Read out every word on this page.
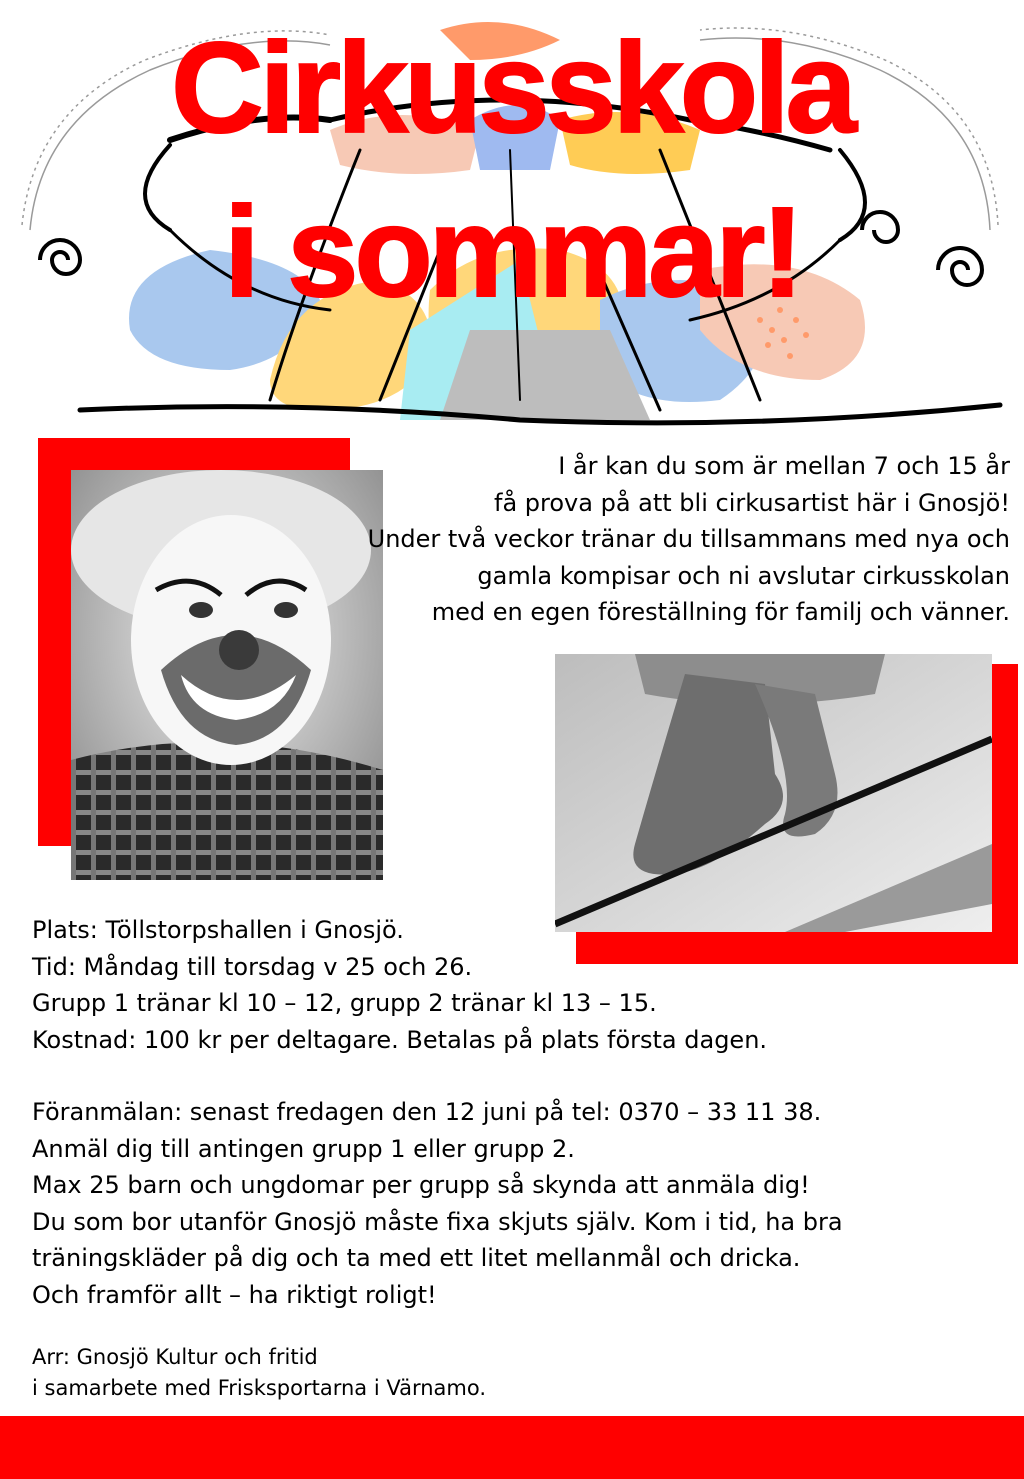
Cirkusskola
i sommar!
I år kan du som är mellan 7 och 15 år
få prova på att bli cirkusartist här i Gnosjö!
Under två veckor tränar du tillsammans med nya och
gamla kompisar och ni avslutar cirkusskolan
med en egen föreställning för familj och vänner.
Plats: Töllstorpshallen i Gnosjö.
Tid: Måndag till torsdag v 25 och 26.
Grupp 1 tränar kl 10 – 12, grupp 2 tränar kl 13 – 15.
Kostnad: 100 kr per deltagare. Betalas på plats första dagen.
Föranmälan: senast fredagen den 12 juni på tel: 0370 – 33 11 38.
Anmäl dig till antingen grupp 1 eller grupp 2.
Max 25 barn och ungdomar per grupp så skynda att anmäla dig!
Du som bor utanför Gnosjö måste fixa skjuts själv. Kom i tid, ha bra
träningskläder på dig och ta med ett litet mellanmål och dricka.
Och framför allt – ha riktigt roligt!
Arr: Gnosjö Kultur och fritid
i samarbete med Frisksportarna i Värnamo.
